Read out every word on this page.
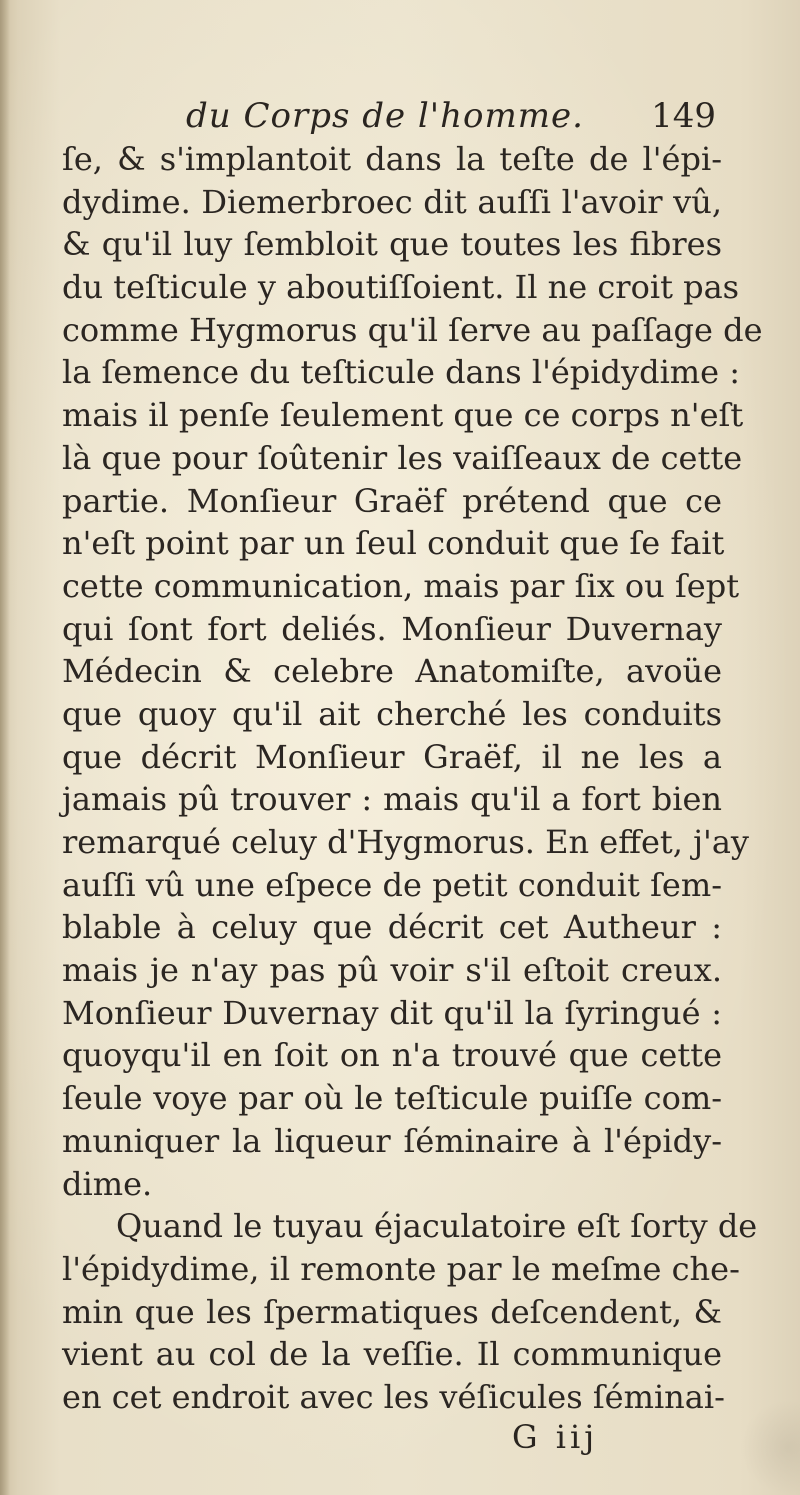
du Corps de l'homme. 149
ſe, & s'implantoit dans la teſte de l'épi-
dydime. Diemerbroec dit auſſi l'avoir vû,
& qu'il luy ſembloit que toutes les fibres
du teſticule y aboutiſſoient. Il ne croit pas
comme Hygmorus qu'il ſerve au paſſage de
la ſemence du teſticule dans l'épidydime :
mais il penſe ſeulement que ce corps n'eſt
là que pour ſoûtenir les vaiſſeaux de cette
partie. Monſieur Graëf prétend que ce
n'eſt point par un ſeul conduit que ſe fait
cette communication, mais par ſix ou ſept
qui ſont fort deliés. Monſieur Duvernay
Médecin & celebre Anatomiſte, avoüe
que quoy qu'il ait cherché les conduits
que décrit Monſieur Graëf, il ne les a
jamais pû trouver : mais qu'il a fort bien
remarqué celuy d'Hygmorus. En effet, j'ay
auſſi vû une eſpece de petit conduit ſem-
blable à celuy que décrit cet Autheur :
mais je n'ay pas pû voir s'il eſtoit creux.
Monſieur Duvernay dit qu'il la ſyringué :
quoyqu'il en ſoit on n'a trouvé que cette
ſeule voye par où le teſticule puiſſe com-
muniquer la liqueur ſéminaire à l'épidy-
dime.
Quand le tuyau éjaculatoire eſt ſorty de
l'épidydime, il remonte par le meſme che-
min que les ſpermatiques deſcendent, &
vient au col de la veſſie. Il communique
en cet endroit avec les véſicules ſéminai-
G iij
